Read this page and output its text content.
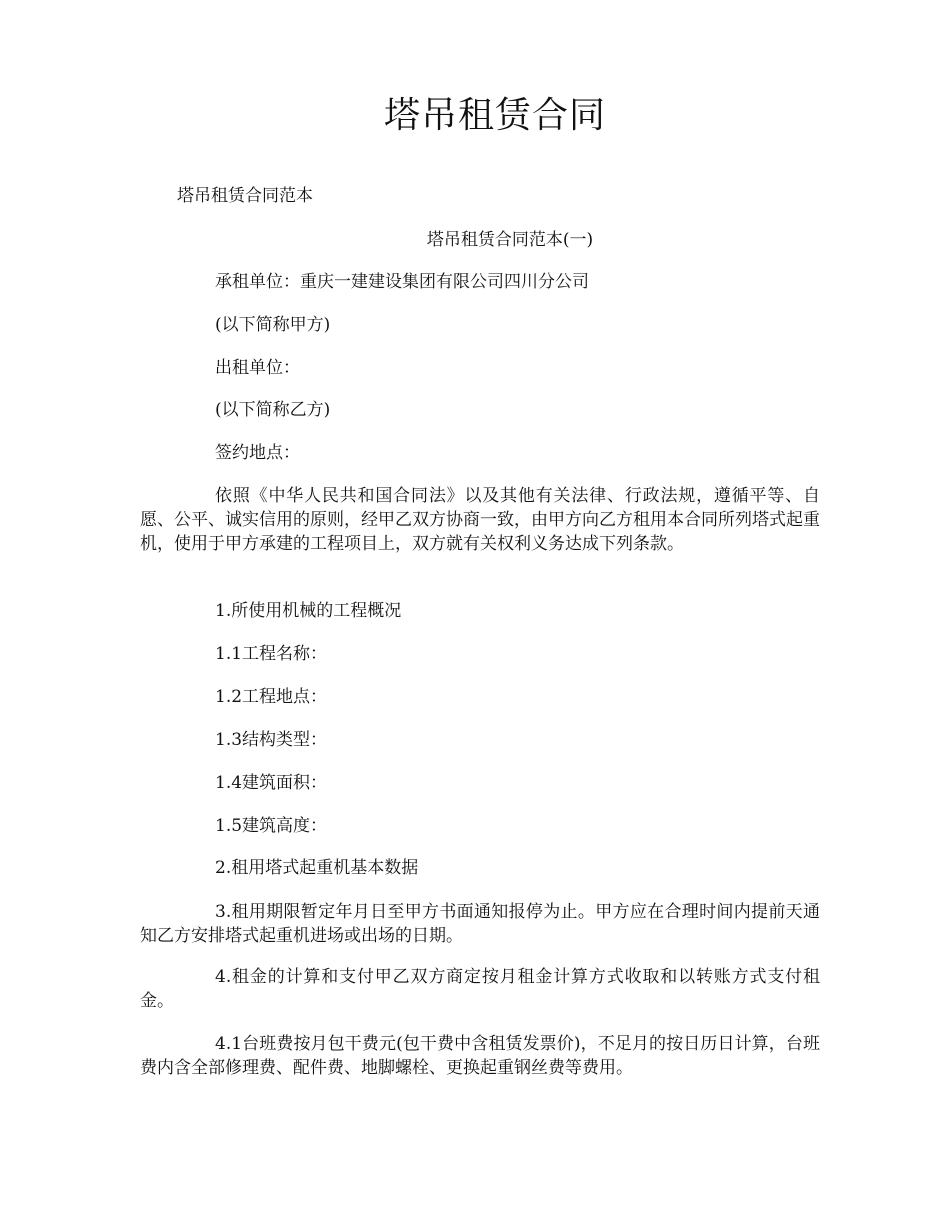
塔吊租赁合同
塔吊租赁合同范本
塔吊租赁合同范本(一)
承租单位：重庆一建建设集团有限公司四川分公司
(以下简称甲方)
出租单位：
(以下简称乙方)
签约地点：
依照《中华人民共和国合同法》以及其他有关法律、行政法规，遵循平等、自愿、公平、诚实信用的原则，经甲乙双方协商一致，由甲方向乙方租用本合同所列塔式起重机，使用于甲方承建的工程项目上，双方就有关权利义务达成下列条款。
1.所使用机械的工程概况
1.1工程名称：
1.2工程地点：
1.3结构类型：
1.4建筑面积：
1.5建筑高度：
2.租用塔式起重机基本数据
3.租用期限暂定年月日至甲方书面通知报停为止。甲方应在合理时间内提前天通知乙方安排塔式起重机进场或出场的日期。
4.租金的计算和支付甲乙双方商定按月租金计算方式收取和以转账方式支付租金。
4.1台班费按月包干费元(包干费中含租赁发票价)，不足月的按日历日计算，台班费内含全部修理费、配件费、地脚螺栓、更换起重钢丝费等费用。
